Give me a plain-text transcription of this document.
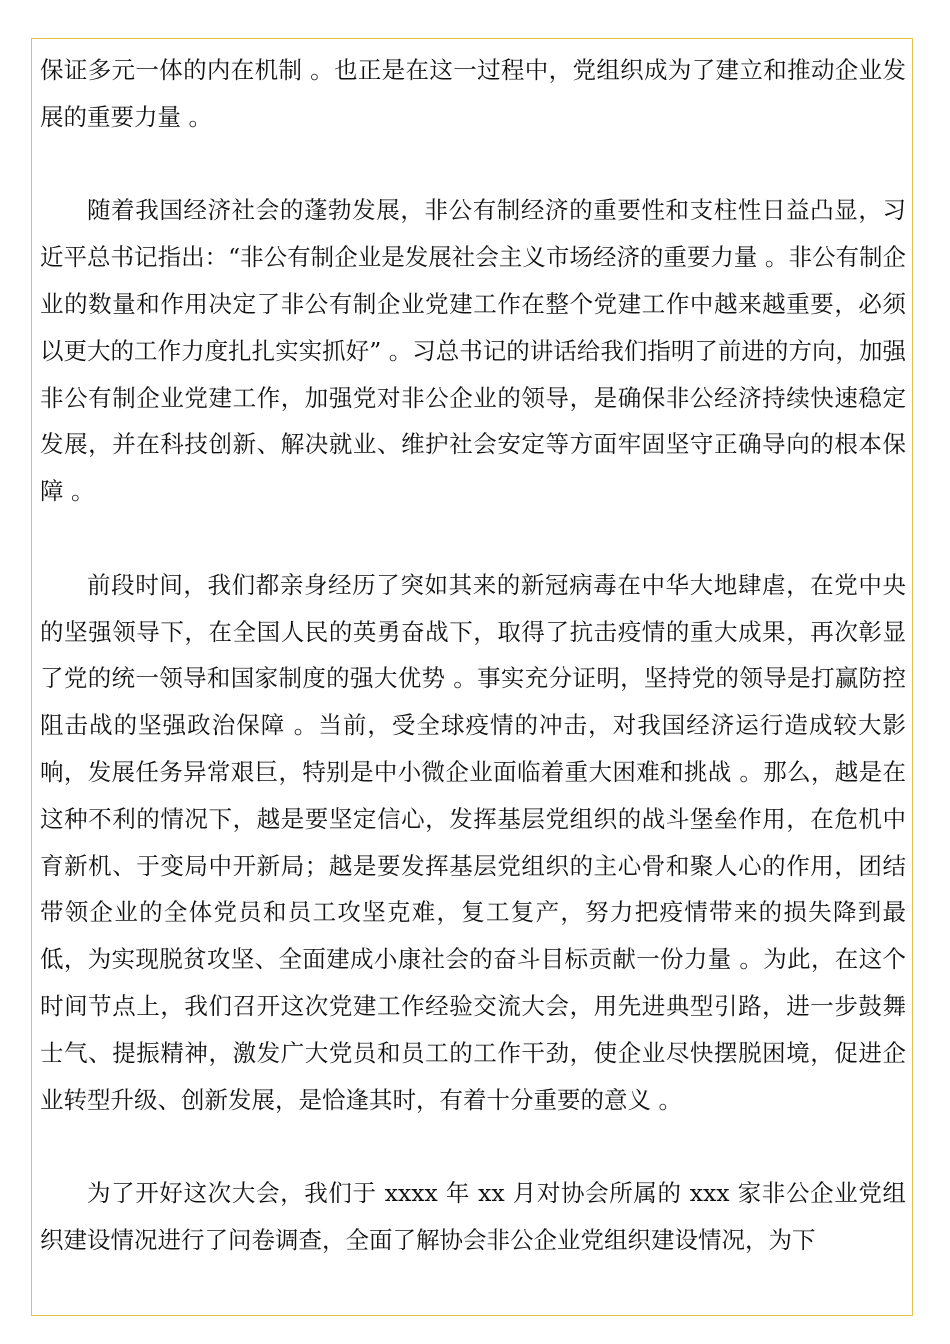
保证多元一体的内在机制 。也正是在这一过程中，党组织成为了建立和推动企业发展的重要力量 。

随着我国经济社会的蓬勃发展，非公有制经济的重要性和支柱性日益凸显，习近平总书记指出：“非公有制企业是发展社会主义市场经济的重要力量 。非公有制企业的数量和作用决定了非公有制企业党建工作在整个党建工作中越来越重要，必须以更大的工作力度扎扎实实抓好” 。习总书记的讲话给我们指明了前进的方向，加强非公有制企业党建工作，加强党对非公企业的领导，是确保非公经济持续快速稳定发展，并在科技创新、解决就业、维护社会安定等方面牢固坚守正确导向的根本保障 。

前段时间，我们都亲身经历了突如其来的新冠病毒在中华大地肆虐，在党中央的坚强领导下，在全国人民的英勇奋战下，取得了抗击疫情的重大成果，再次彰显了党的统一领导和国家制度的强大优势 。事实充分证明，坚持党的领导是打赢防控阻击战的坚强政治保障 。当前，受全球疫情的冲击，对我国经济运行造成较大影响，发展任务异常艰巨，特别是中小微企业面临着重大困难和挑战 。那么，越是在这种不利的情况下，越是要坚定信心，发挥基层党组织的战斗堡垒作用，在危机中育新机、于变局中开新局；越是要发挥基层党组织的主心骨和聚人心的作用，团结带领企业的全体党员和员工攻坚克难，复工复产，努力把疫情带来的损失降到最低，为实现脱贫攻坚、全面建成小康社会的奋斗目标贡献一份力量 。为此，在这个时间节点上，我们召开这次党建工作经验交流大会，用先进典型引路，进一步鼓舞士气、提振精神，激发广大党员和员工的工作干劲，使企业尽快摆脱困境，促进企业转型升级、创新发展，是恰逢其时，有着十分重要的意义 。

为了开好这次大会，我们于 xxxx 年 xx 月对协会所属的 xxx 家非公企业党组织建设情况进行了问卷调查，全面了解协会非公企业党组织建设情况，为下
